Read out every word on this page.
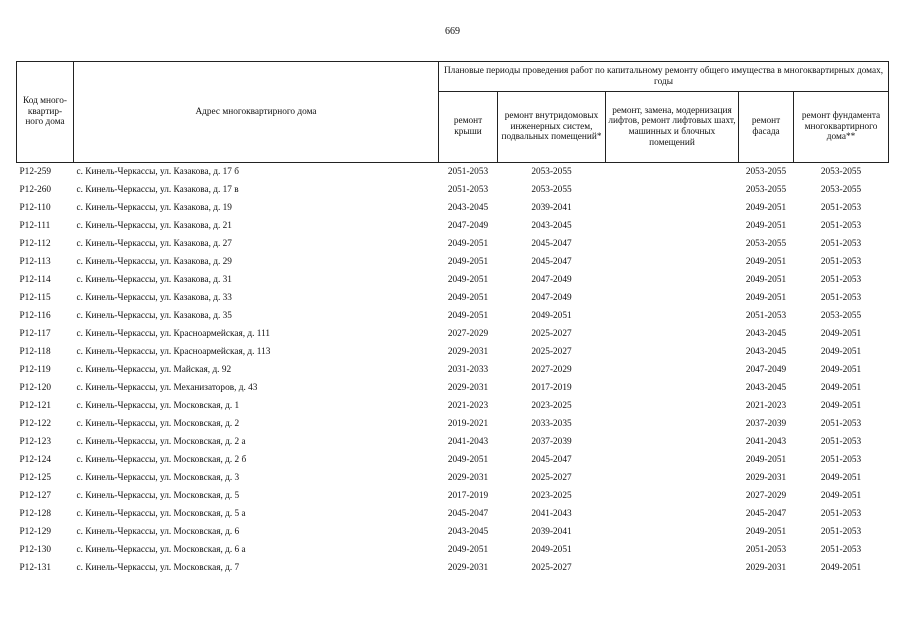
669
Код много-квартир-ного дома	Адрес многоквартирного дома	Плановые периоды проведения работ по капитальному ремонту общего имущества в многоквартирных домах, годы				
		ремонт крыши	ремонт внутридомовых инженерных систем, подвальных помещений*	ремонт, замена, модернизация лифтов, ремонт лифтовых шахт, машинных и блочных помещений	ремонт фасада	ремонт фундамента многоквартирного дома**
Р12-259	с. Кинель-Черкассы, ул. Казакова, д. 17 б	2051-2053	2053-2055		2053-2055	2053-2055
Р12-260	с. Кинель-Черкассы, ул. Казакова, д. 17 в	2051-2053	2053-2055		2053-2055	2053-2055
Р12-110	с. Кинель-Черкассы, ул. Казакова, д. 19	2043-2045	2039-2041		2049-2051	2051-2053
Р12-111	с. Кинель-Черкассы, ул. Казакова, д. 21	2047-2049	2043-2045		2049-2051	2051-2053
Р12-112	с. Кинель-Черкассы, ул. Казакова, д. 27	2049-2051	2045-2047		2053-2055	2051-2053
Р12-113	с. Кинель-Черкассы, ул. Казакова, д. 29	2049-2051	2045-2047		2049-2051	2051-2053
Р12-114	с. Кинель-Черкассы, ул. Казакова, д. 31	2049-2051	2047-2049		2049-2051	2051-2053
Р12-115	с. Кинель-Черкассы, ул. Казакова, д. 33	2049-2051	2047-2049		2049-2051	2051-2053
Р12-116	с. Кинель-Черкассы, ул. Казакова, д. 35	2049-2051	2049-2051		2051-2053	2053-2055
Р12-117	с. Кинель-Черкассы, ул. Красноармейская, д. 111	2027-2029	2025-2027		2043-2045	2049-2051
Р12-118	с. Кинель-Черкассы, ул. Красноармейская, д. 113	2029-2031	2025-2027		2043-2045	2049-2051
Р12-119	с. Кинель-Черкассы, ул. Майская, д. 92	2031-2033	2027-2029		2047-2049	2049-2051
Р12-120	с. Кинель-Черкассы, ул. Механизаторов, д. 43	2029-2031	2017-2019		2043-2045	2049-2051
Р12-121	с. Кинель-Черкассы, ул. Московская, д. 1	2021-2023	2023-2025		2021-2023	2049-2051
Р12-122	с. Кинель-Черкассы, ул. Московская, д. 2	2019-2021	2033-2035		2037-2039	2051-2053
Р12-123	с. Кинель-Черкассы, ул. Московская, д. 2 а	2041-2043	2037-2039		2041-2043	2051-2053
Р12-124	с. Кинель-Черкассы, ул. Московская, д. 2 б	2049-2051	2045-2047		2049-2051	2051-2053
Р12-125	с. Кинель-Черкассы, ул. Московская, д. 3	2029-2031	2025-2027		2029-2031	2049-2051
Р12-127	с. Кинель-Черкассы, ул. Московская, д. 5	2017-2019	2023-2025		2027-2029	2049-2051
Р12-128	с. Кинель-Черкассы, ул. Московская, д. 5 а	2045-2047	2041-2043		2045-2047	2051-2053
Р12-129	с. Кинель-Черкассы, ул. Московская, д. 6	2043-2045	2039-2041		2049-2051	2051-2053
Р12-130	с. Кинель-Черкассы, ул. Московская, д. 6 а	2049-2051	2049-2051		2051-2053	2051-2053
Р12-131	с. Кинель-Черкассы, ул. Московская, д. 7	2029-2031	2025-2027		2029-2031	2049-2051
